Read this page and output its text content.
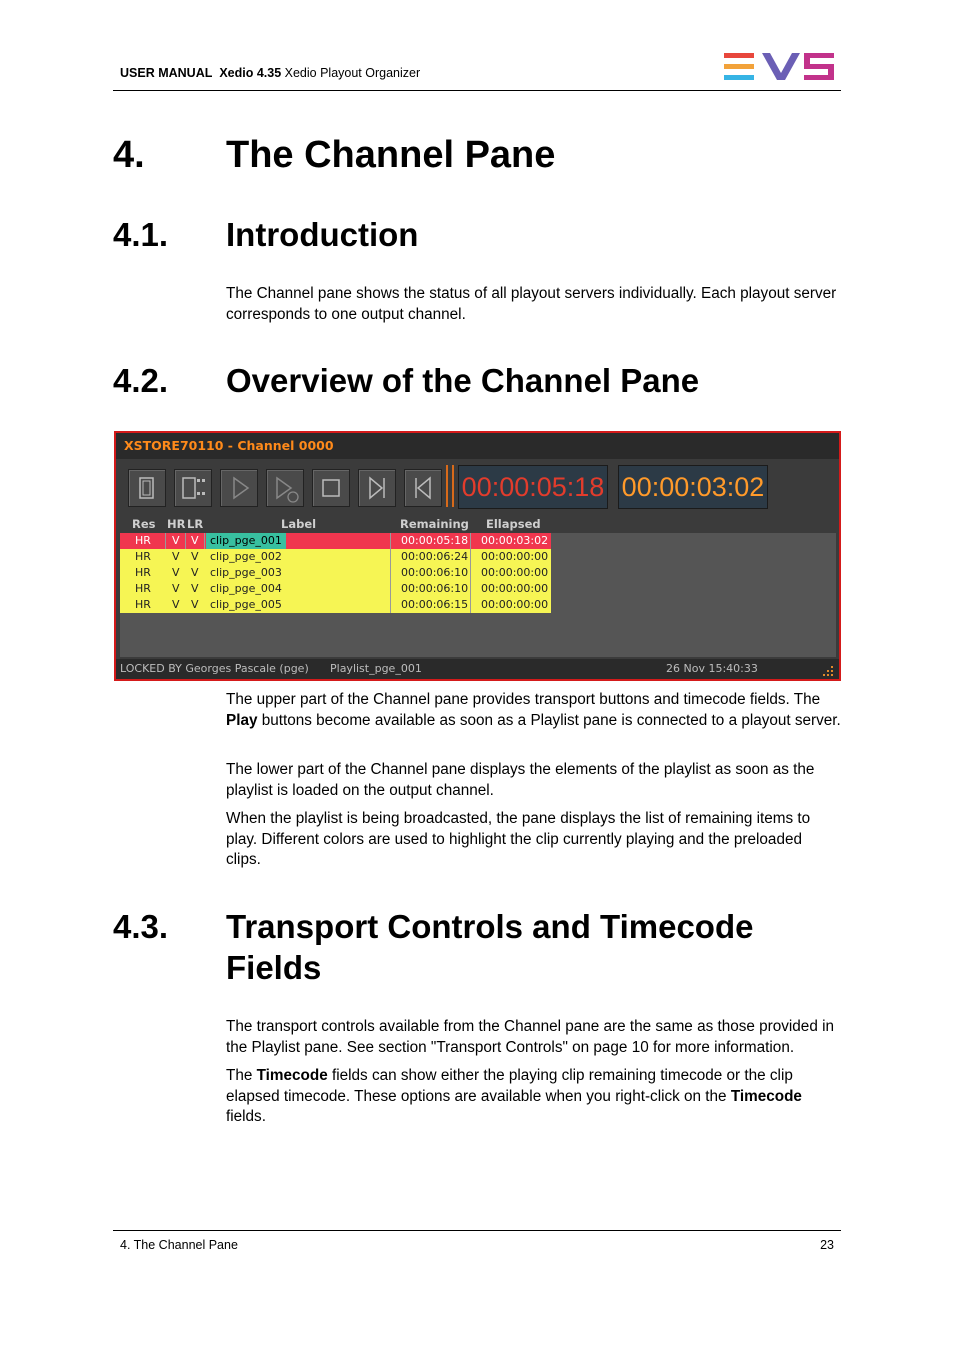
USER MANUAL Xedio 4.35 Xedio Playout Organizer
4. The Channel Pane
4.1. Introduction
The Channel pane shows the status of all playout servers individually. Each playout server corresponds to one output channel.
4.2. Overview of the Channel Pane
XSTORE70110 - Channel 0000
00:00:05:18 00:00:03:02
Res HR LR	Label	Remaining Ellapsed
HR V V	clip_pge_001	00:00:05:18 00:00:03:02
HR V V clip_pge_002	00:00:06:24 00:00:00:00
HR V V clip_pge_003	00:00:06:10 00:00:00:00
HR V V clip_pge_004	00:00:06:10 00:00:00:00
HR V V clip_pge_005	00:00:06:15 00:00:00:00
LOCKED BY Georges Pascale (pge) Playlist_pge_001	26 Nov 15:40:33
The upper part of the Channel pane provides transport buttons and timecode fields. The Play buttons become available as soon as a Playlist pane is connected to a playout server.
The lower part of the Channel pane displays the elements of the playlist as soon as the playlist is loaded on the output channel.
When the playlist is being broadcasted, the pane displays the list of remaining items to play. Different colors are used to highlight the clip currently playing and the preloaded clips.
4.3. Transport Controls and Timecode
Fields
The transport controls available from the Channel pane are the same as those provided in the Playlist pane. See section "Transport Controls" on page 10 for more information.
The Timecode fields can show either the playing clip remaining timecode or the clip elapsed timecode. These options are available when you right-click on the Timecode fields.
4. The Channel Pane	23
